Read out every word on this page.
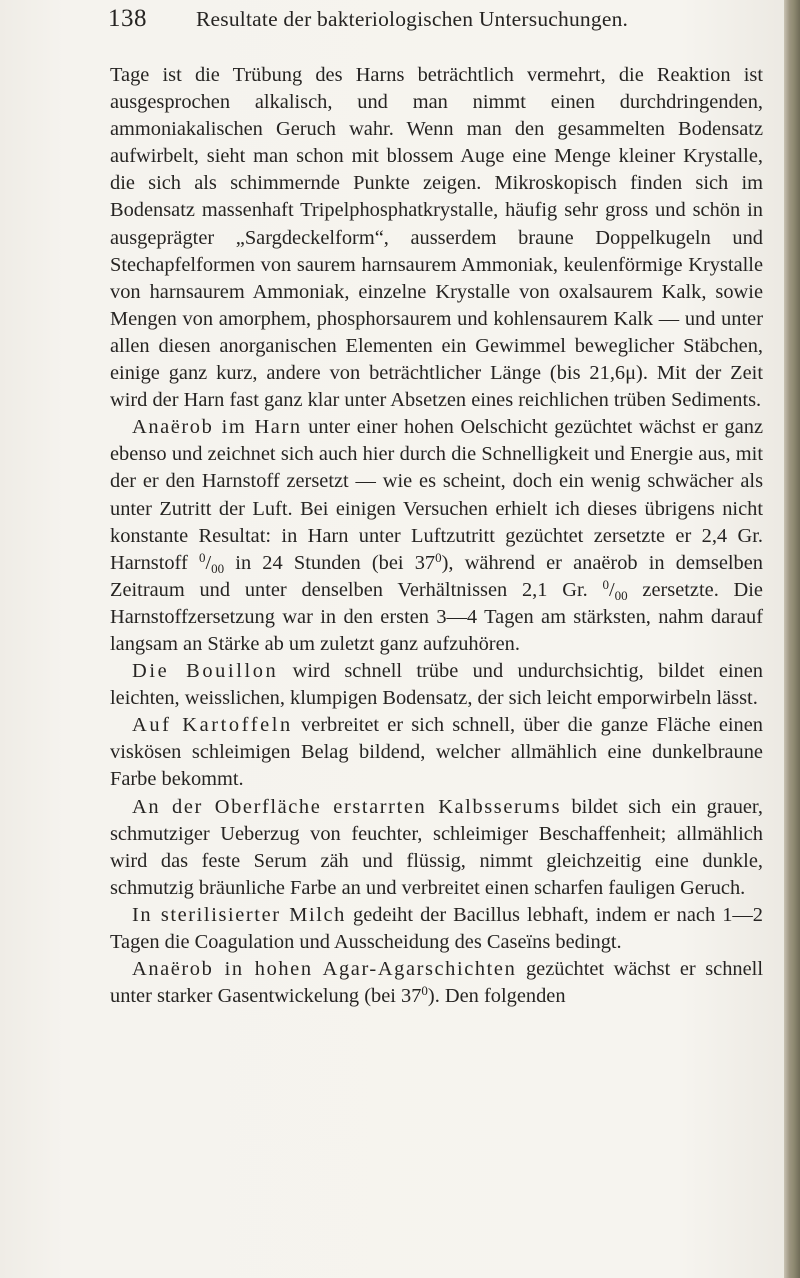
138 Resultate der bakteriologischen Untersuchungen.

Tage ist die Trübung des Harns beträchtlich vermehrt, die Reaktion ist ausgesprochen alkalisch, und man nimmt einen durchdringenden, ammoniakalischen Geruch wahr. Wenn man den gesammelten Bodensatz aufwirbelt, sieht man schon mit blossem Auge eine Menge kleiner Krystalle, die sich als schimmernde Punkte zeigen. Mikroskopisch finden sich im Bodensatz massenhaft Tripelphosphatkrystalle, häufig sehr gross und schön in ausgeprägter „Sargdeckelform“, ausserdem braune Doppelkugeln und Stechapfelformen von saurem harnsaurem Ammoniak, keulenförmige Krystalle von harnsaurem Ammoniak, einzelne Krystalle von oxalsaurem Kalk, sowie Mengen von amorphem, phosphorsaurem und kohlensaurem Kalk — und unter allen diesen anorganischen Elementen ein Gewimmel beweglicher Stäbchen, einige ganz kurz, andere von beträchtlicher Länge (bis 21,6μ). Mit der Zeit wird der Harn fast ganz klar unter Absetzen eines reichlichen trüben Sediments.

Anaërob im Harn unter einer hohen Oelschicht gezüchtet wächst er ganz ebenso und zeichnet sich auch hier durch die Schnelligkeit und Energie aus, mit der er den Harnstoff zersetzt — wie es scheint, doch ein wenig schwächer als unter Zutritt der Luft. Bei einigen Versuchen erhielt ich dieses übrigens nicht konstante Resultat: in Harn unter Luftzutritt gezüchtet zersetzte er 2,4 Gr. Harnstoff $^0/_{00}$ in 24 Stunden (bei $37^0$), während er anaërob in demselben Zeitraum und unter denselben Verhältnissen 2,1 Gr. $^0/_{00}$ zersetzte. Die Harnstoffzersetzung war in den ersten 3—4 Tagen am stärksten, nahm darauf langsam an Stärke ab um zuletzt ganz aufzuhören.

Die Bouillon wird schnell trübe und undurchsichtig, bildet einen leichten, weisslichen, klumpigen Bodensatz, der sich leicht emporwirbeln lässt.

Auf Kartoffeln verbreitet er sich schnell, über die ganze Fläche einen viskösen schleimigen Belag bildend, welcher allmählich eine dunkelbraune Farbe bekommt.

An der Oberfläche erstarrten Kalbsserums bildet sich ein grauer, schmutziger Ueberzug von feuchter, schleimiger Beschaffenheit; allmählich wird das feste Serum zäh und flüssig, nimmt gleichzeitig eine dunkle, schmutzig bräunliche Farbe an und verbreitet einen scharfen fauligen Geruch.

In sterilisierter Milch gedeiht der Bacillus lebhaft, indem er nach 1—2 Tagen die Coagulation und Ausscheidung des Caseïns bedingt.

Anaërob in hohen Agar-Agarschichten gezüchtet wächst er schnell unter starker Gasentwickelung (bei $37^0$). Den folgenden
